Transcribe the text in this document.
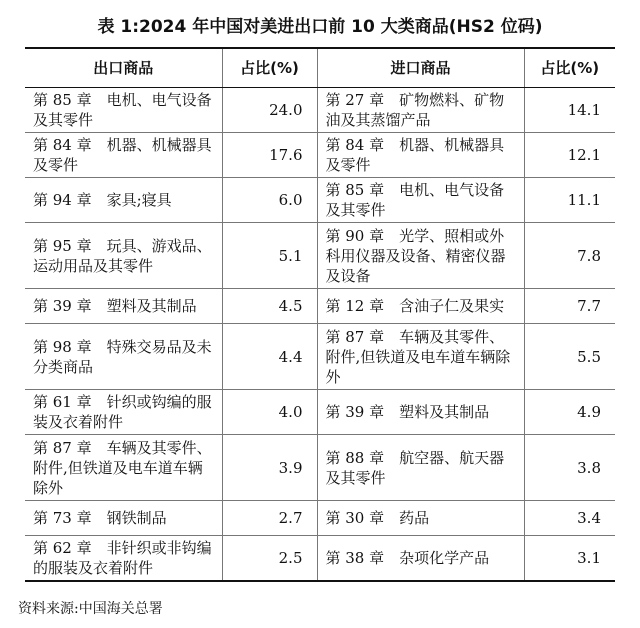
表 1:2024 年中国对美进出口前 10 大类商品(HS2 位码)
出口商品	占比(%)	进口商品	占比(%)
第 85 章　电机、电气设备及其零件	24.0	第 27 章　矿物燃料、矿物油及其蒸馏产品	14.1
第 84 章　机器、机械器具及零件	17.6	第 84 章　机器、机械器具及零件	12.1
第 94 章　家具;寝具	6.0	第 85 章　电机、电气设备及其零件	11.1
第 95 章　玩具、游戏品、运动用品及其零件	5.1	第 90 章　光学、照相或外科用仪器及设备、精密仪器及设备	7.8
第 39 章　塑料及其制品	4.5	第 12 章　含油子仁及果实	7.7
第 98 章　特殊交易品及未分类商品	4.4	第 87 章　车辆及其零件、附件,但铁道及电车道车辆除外	5.5
第 61 章　针织或钩编的服装及衣着附件	4.0	第 39 章　塑料及其制品	4.9
第 87 章　车辆及其零件、附件,但铁道及电车道车辆除外	3.9	第 88 章　航空器、航天器及其零件	3.8
第 73 章　钢铁制品	2.7	第 30 章　药品	3.4
第 62 章　非针织或非钩编的服装及衣着附件	2.5	第 38 章　杂项化学产品	3.1
资料来源:中国海关总署
